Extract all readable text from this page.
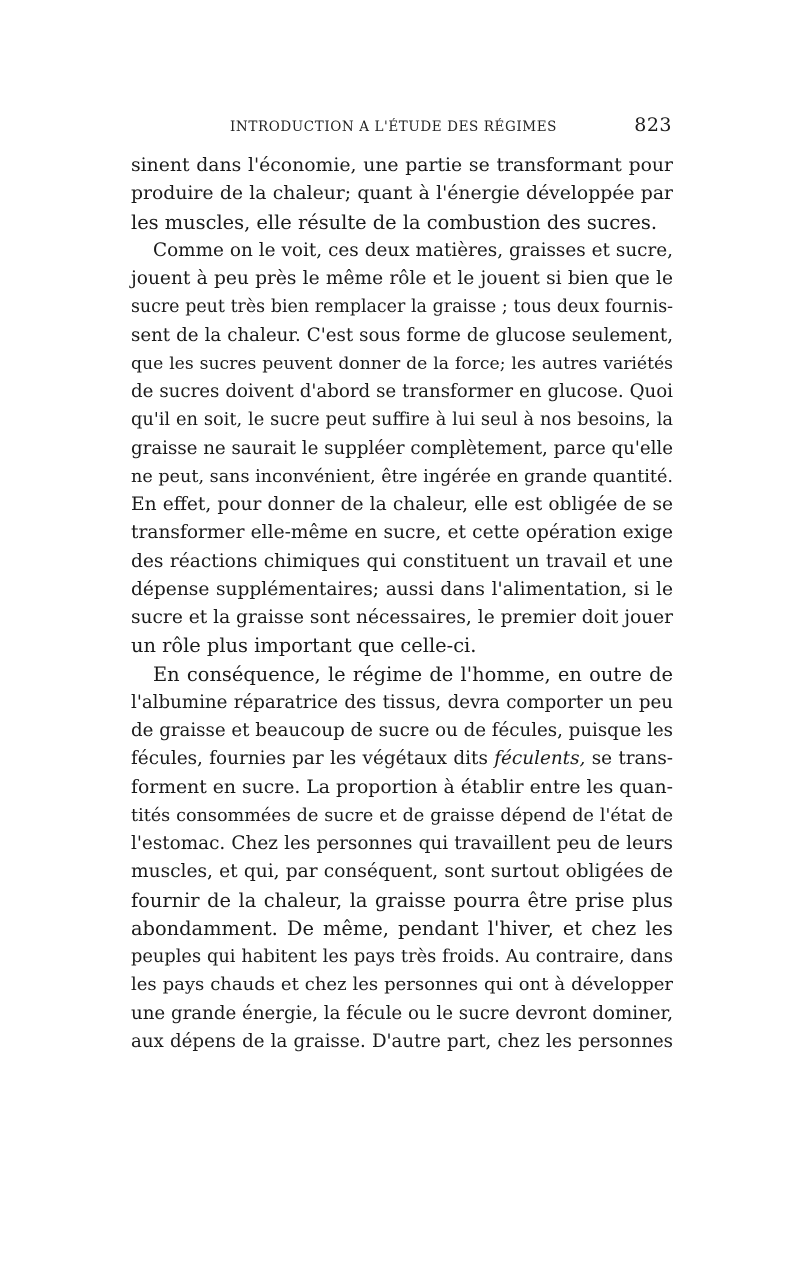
INTRODUCTION A L'ÉTUDE DES RÉGIMES	823
sinent dans l'économie, une partie se transformant pour
produire de la chaleur; quant à l'énergie développée par
les muscles, elle résulte de la combustion des sucres.
Comme on le voit, ces deux matières, graisses et sucre,
jouent à peu près le même rôle et le jouent si bien que le
sucre peut très bien remplacer la graisse ; tous deux fournis-
sent de la chaleur. C'est sous forme de glucose seulement,
que les sucres peuvent donner de la force; les autres variétés
de sucres doivent d'abord se transformer en glucose. Quoi
qu'il en soit, le sucre peut suffire à lui seul à nos besoins, la
graisse ne saurait le suppléer complètement, parce qu'elle
ne peut, sans inconvénient, être ingérée en grande quantité.
En effet, pour donner de la chaleur, elle est obligée de se
transformer elle-même en sucre, et cette opération exige
des réactions chimiques qui constituent un travail et une
dépense supplémentaires; aussi dans l'alimentation, si le
sucre et la graisse sont nécessaires, le premier doit jouer
un rôle plus important que celle-ci.
En conséquence, le régime de l'homme, en outre de
l'albumine réparatrice des tissus, devra comporter un peu
de graisse et beaucoup de sucre ou de fécules, puisque les
fécules, fournies par les végétaux dits féculents, se trans-
forment en sucre. La proportion à établir entre les quan-
tités consommées de sucre et de graisse dépend de l'état de
l'estomac. Chez les personnes qui travaillent peu de leurs
muscles, et qui, par conséquent, sont surtout obligées de
fournir de la chaleur, la graisse pourra être prise plus
abondamment. De même, pendant l'hiver, et chez les
peuples qui habitent les pays très froids. Au contraire, dans
les pays chauds et chez les personnes qui ont à développer
une grande énergie, la fécule ou le sucre devront dominer,
aux dépens de la graisse. D'autre part, chez les personnes
